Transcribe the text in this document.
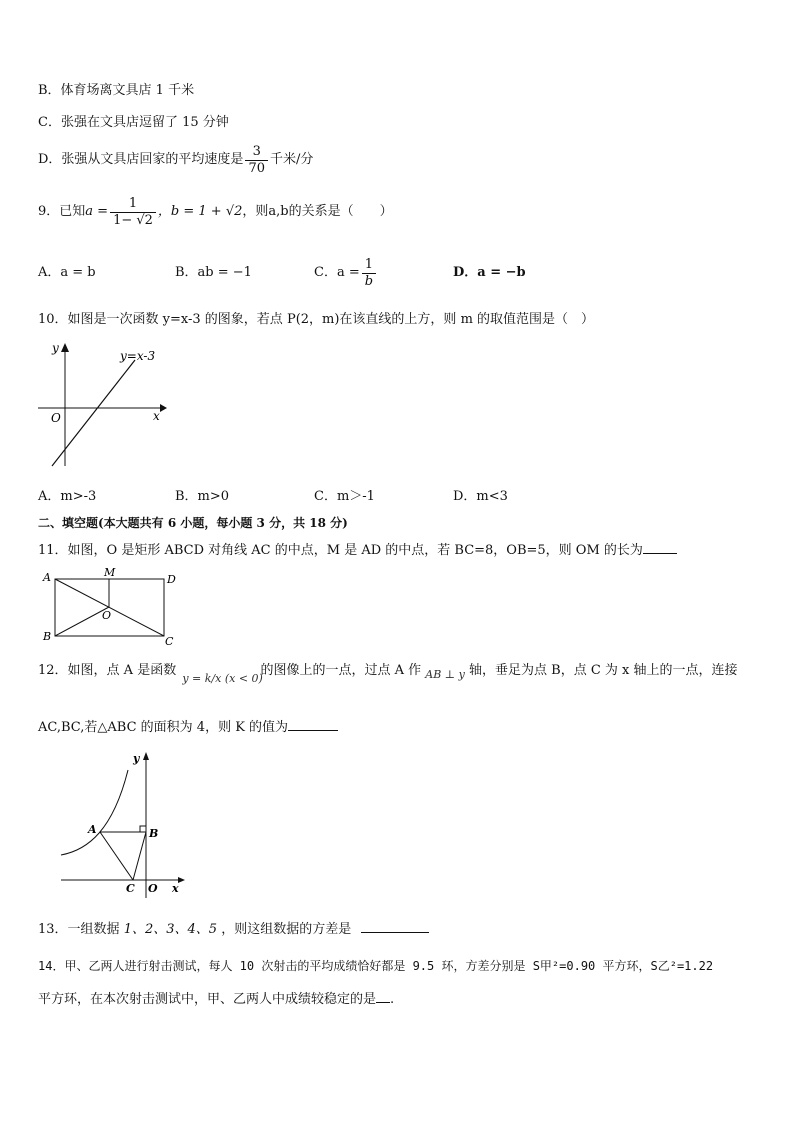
B．体育场离文具店 1 千米
C．张强在文具店逗留了 15 分钟
D．张强从文具店回家的平均速度是 $\frac{3}{70}$ 千米/分
9．已知 $a = \frac{1}{1- √2}$ ，b = 1 + √2 ，则a,b的关系是（　　）
A．a = b	B．ab = −1	C．$a = \frac{1}{b}$	D．a = −b
10．如图是一次函数 y=x-3 的图象，若点 P(2，m)在该直线的上方，则 m 的取值范围是（　）
y
x
O
y=x-3
A．m>-3	B．m>0	C．m＞-1	D．m<3
二、填空题(本大题共有 6 小题，每小题 3 分，共 18 分)
11．如图，O 是矩形 ABCD 对角线 AC 的中点，M 是 AD 的中点，若 BC=8，OB=5，则 OM 的长为
A	M
D
O
B	C
12．如图，点 A 是函数
y = k/x (x < 0)
的图像上的一点，过点 A 作 $_{AB \perp y}$ 轴，垂足为点 B，点 C 为 x 轴上的一点，连接
AC,BC,若△ABC 的面积为 4，则 K 的值为
A	B
C O x
y
13．一组数据 1、2、3、4、5 ，则这组数据的方差是
14．甲、乙两人进行射击测试，每人 10 次射击的平均成绩恰好都是 9.5 环，方差分别是 S甲²=0.90 平方环，S乙²=1.22
平方环，在本次射击测试中，甲、乙两人中成绩较稳定的是 .
